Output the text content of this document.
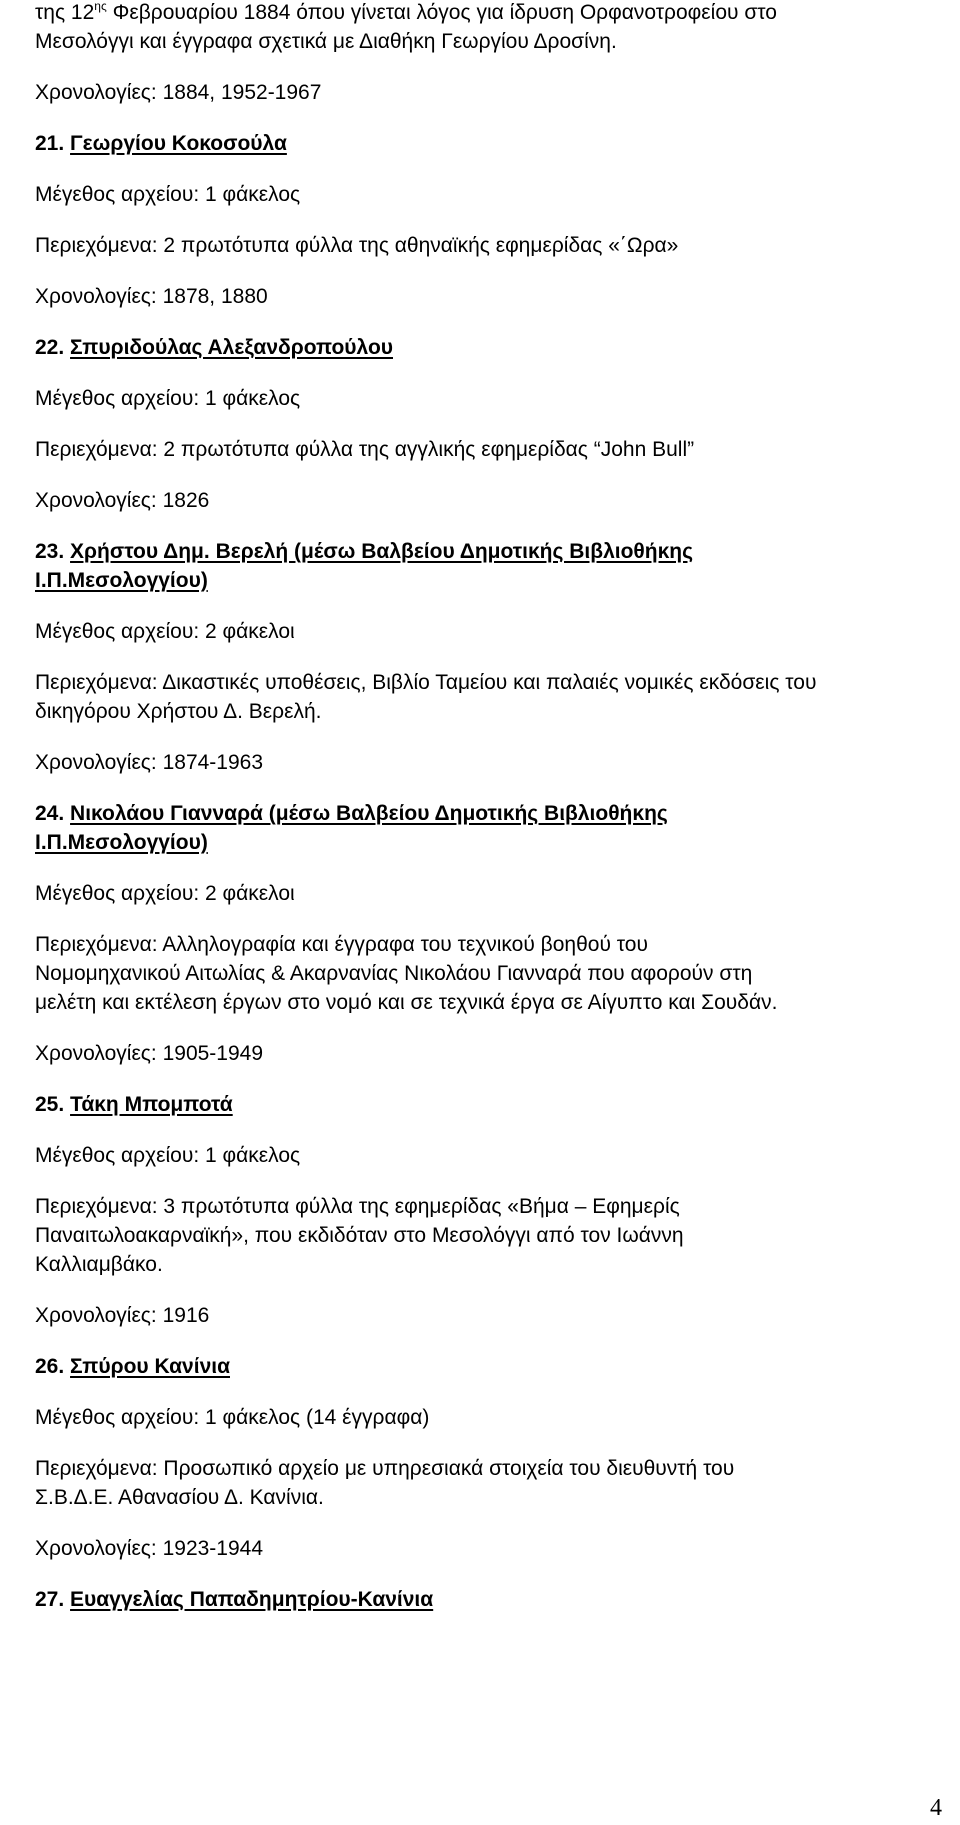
της $12^{\eta\varsigma}$ Φεβρουαρίου 1884 όπου γίνεται λόγος για ίδρυση Ορφανοτροφείου στο

Μεσολόγγι και έγγραφα σχετικά με Διαθήκη Γεωργίου Δροσίνη.

Χρονολογίες: 1884, 1952-1967

21. Γεωργίου Κοκοσούλα

Μέγεθος αρχείου: 1 φάκελος

Περιεχόμενα: 2 πρωτότυπα φύλλα της αθηναϊκής εφημερίδας «΄Ωρα»

Χρονολογίες: 1878, 1880

22. Σπυριδούλας Αλεξανδροπούλου

Μέγεθος αρχείου: 1 φάκελος

Περιεχόμενα: 2 πρωτότυπα φύλλα της αγγλικής εφημερίδας “John Bull”

Χρονολογίες: 1826

23. Χρήστου Δημ. Βερελή (μέσω Βαλβείου Δημοτικής Βιβλιοθήκης

Ι.Π.Μεσολογγίου)

Μέγεθος αρχείου: 2 φάκελοι

Περιεχόμενα: Δικαστικές υποθέσεις, Βιβλίο Ταμείου και παλαιές νομικές εκδόσεις του

δικηγόρου Χρήστου Δ. Βερελή.

Χρονολογίες: 1874-1963

24. Νικολάου Γιανναρά (μέσω Βαλβείου Δημοτικής Βιβλιοθήκης

Ι.Π.Μεσολογγίου)

Μέγεθος αρχείου: 2 φάκελοι

Περιεχόμενα: Αλληλογραφία και έγγραφα του τεχνικού βοηθού του

Νομομηχανικού Αιτωλίας & Ακαρνανίας Νικολάου Γιανναρά που αφορούν στη

μελέτη και εκτέλεση έργων στο νομό και σε τεχνικά έργα σε Αίγυπτο και Σουδάν.

Χρονολογίες: 1905-1949

25. Τάκη Μπομποτά

Μέγεθος αρχείου: 1 φάκελος

Περιεχόμενα: 3 πρωτότυπα φύλλα της εφημερίδας «Βήμα – Εφημερίς

Παναιτωλοακαρναϊκή», που εκδιδόταν στο Μεσολόγγι από τον Ιωάννη

Καλλιαμβάκο.

Χρονολογίες: 1916

26. Σπύρου Κανίνια

Μέγεθος αρχείου: 1 φάκελος (14 έγγραφα)

Περιεχόμενα: Προσωπικό αρχείο με υπηρεσιακά στοιχεία του διευθυντή του

Σ.Β.Δ.Ε. Αθανασίου Δ. Κανίνια.

Χρονολογίες: 1923-1944

27. Ευαγγελίας Παπαδημητρίου-Κανίνια

4
